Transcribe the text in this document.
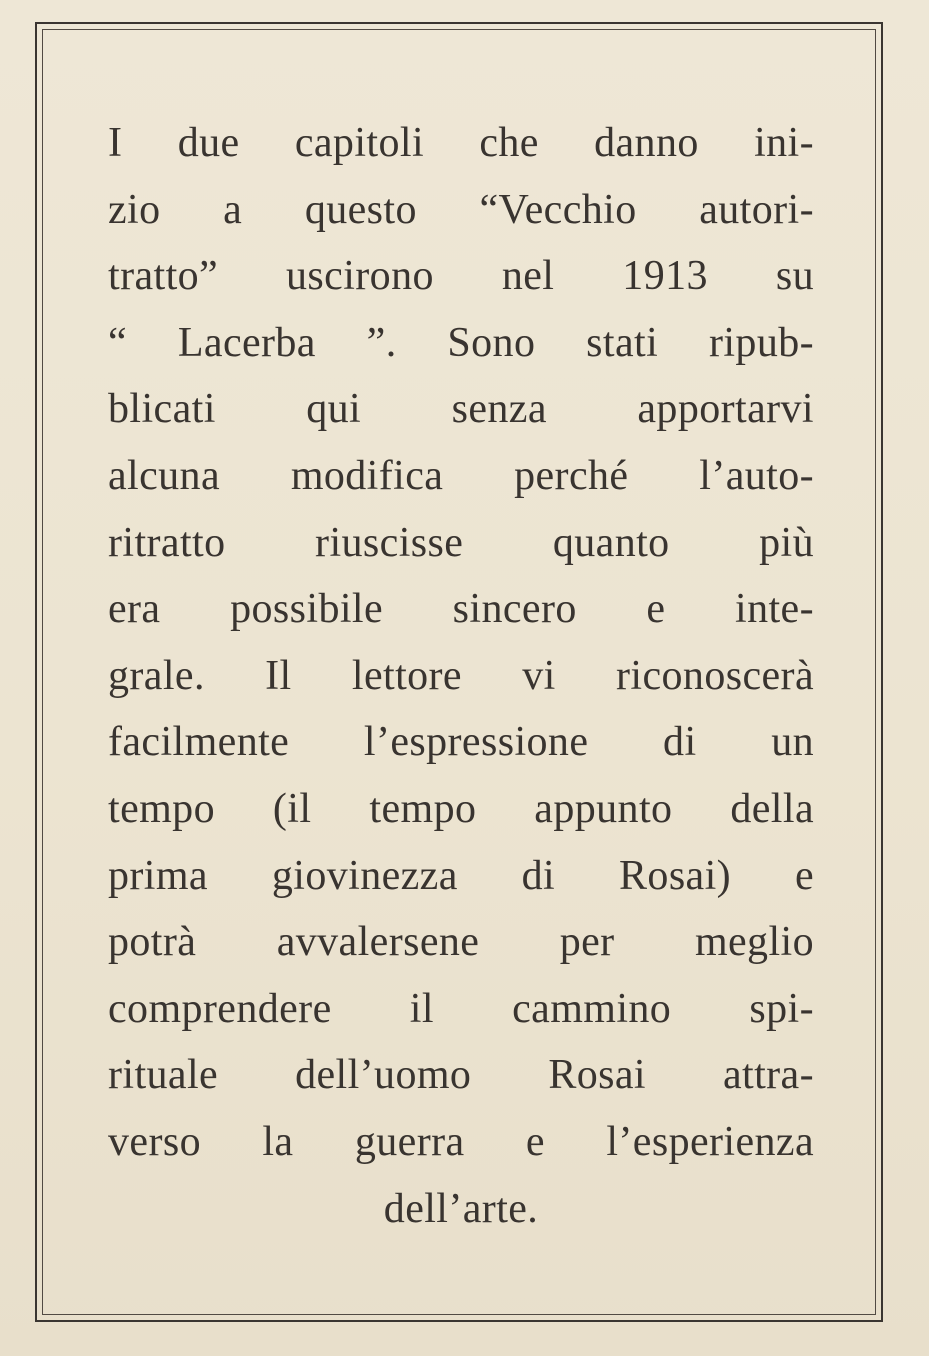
I due capitoli che danno ini-
zio a questo “Vecchio autori-
tratto” uscirono nel 1913 su
“ Lacerba ”. Sono stati ripub-
blicati qui senza apportarvi
alcuna modifica perché l’auto-
ritratto riuscisse quanto più
era possibile sincero e inte-
grale. Il lettore vi riconoscerà
facilmente l’espressione di un
tempo (il tempo appunto della
prima giovinezza di Rosai) e
potrà avvalersene per meglio
comprendere il cammino spi-
rituale dell’uomo Rosai attra-
verso la guerra e l’esperienza
dell’arte.
